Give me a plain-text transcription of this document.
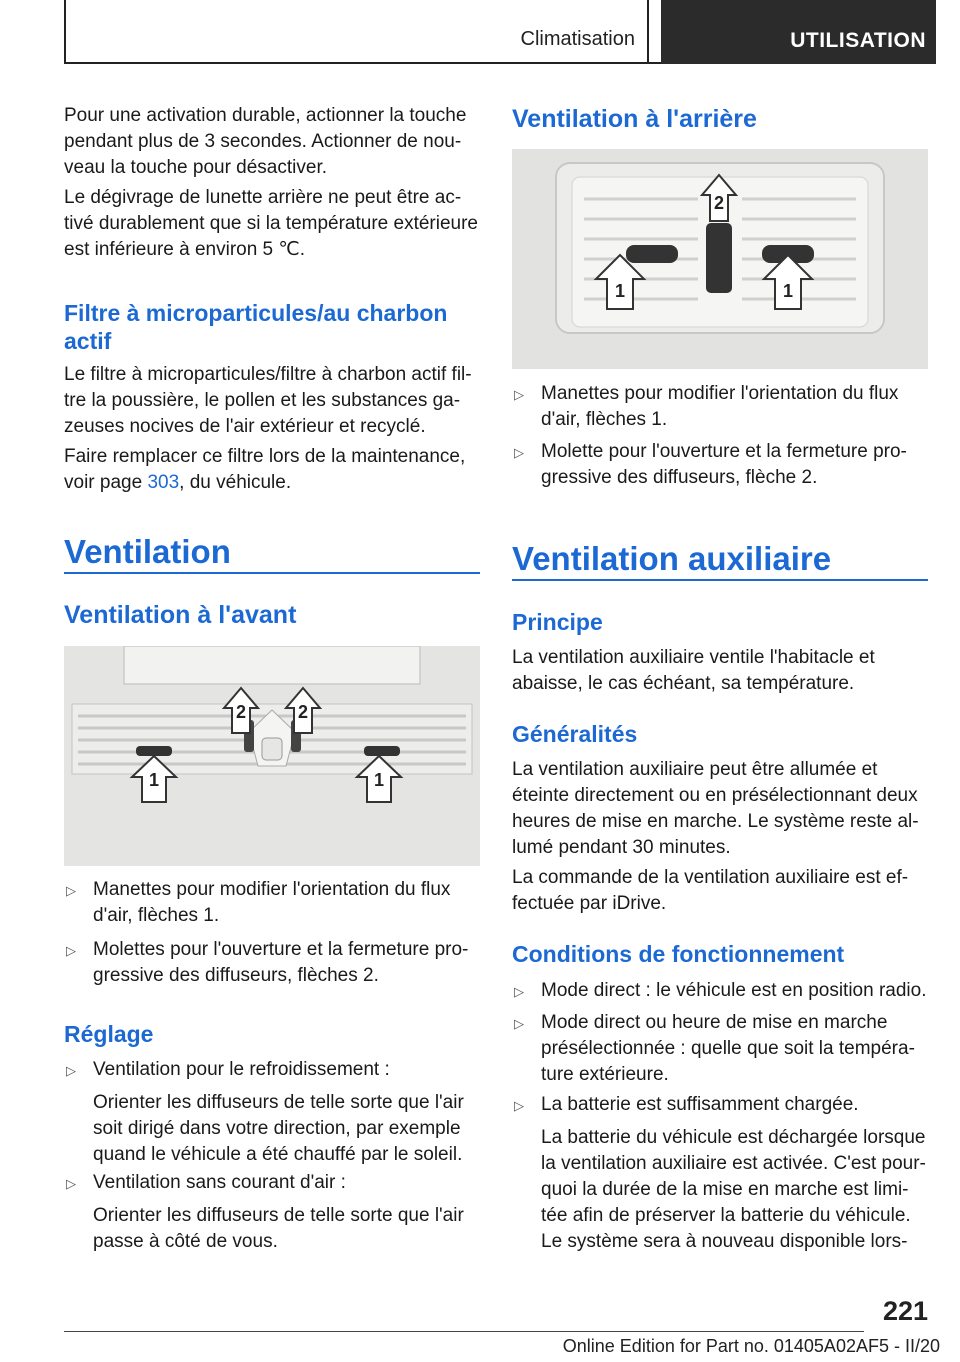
Climatisation	UTILISATION

Pour une activation durable, actionner la touche
pendant plus de 3 secondes. Actionner de nou-
veau la touche pour désactiver.

Le dégivrage de lunette arrière ne peut être ac-
tivé durablement que si la température extérieure
est inférieure à environ 5 ℃.

Filtre à microparticules/au charbon
actif

Le filtre à microparticules/filtre à charbon actif fil-
tre la poussière, le pollen et les substances ga-
zeuses nocives de l'air extérieur et recyclé.

Faire remplacer ce filtre lors de la maintenance,
voir page 303, du véhicule.

Ventilation
Ventilation à l'avant
1	1
2	2
▷ Manettes pour modifier l'orientation du flux
d'air, flèches 1.

▷ Molettes pour l'ouverture et la fermeture pro-
gressive des diffuseurs, flèches 2.

Réglage
▷ Ventilation pour le refroidissement :

Orienter les diffuseurs de telle sorte que l'air
soit dirigé dans votre direction, par exemple
quand le véhicule a été chauffé par le soleil.

▷ Ventilation sans courant d'air :

Orienter les diffuseurs de telle sorte que l'air
passe à côté de vous.

Ventilation à l'arrière
2
1	1
▷ Manettes pour modifier l'orientation du flux
d'air, flèches 1.

▷ Molette pour l'ouverture et la fermeture pro-
gressive des diffuseurs, flèche 2.

Ventilation auxiliaire
Principe

La ventilation auxiliaire ventile l'habitacle et
abaisse, le cas échéant, sa température.

Généralités

La ventilation auxiliaire peut être allumée et
éteinte directement ou en présélectionnant deux
heures de mise en marche. Le système reste al-
lumé pendant 30 minutes.

La commande de la ventilation auxiliaire est ef-
fectuée par iDrive.

Conditions de fonctionnement
▷ Mode direct : le véhicule est en position radio.

▷ Mode direct ou heure de mise en marche
présélectionnée : quelle que soit la tempéra-
ture extérieure.

▷ La batterie est suffisamment chargée.

La batterie du véhicule est déchargée lorsque
la ventilation auxiliaire est activée. C'est pour-
quoi la durée de la mise en marche est limi-
tée afin de préserver la batterie du véhicule.
Le système sera à nouveau disponible lors-

221
Online Edition for Part no. 01405A02AF5 - II/20
